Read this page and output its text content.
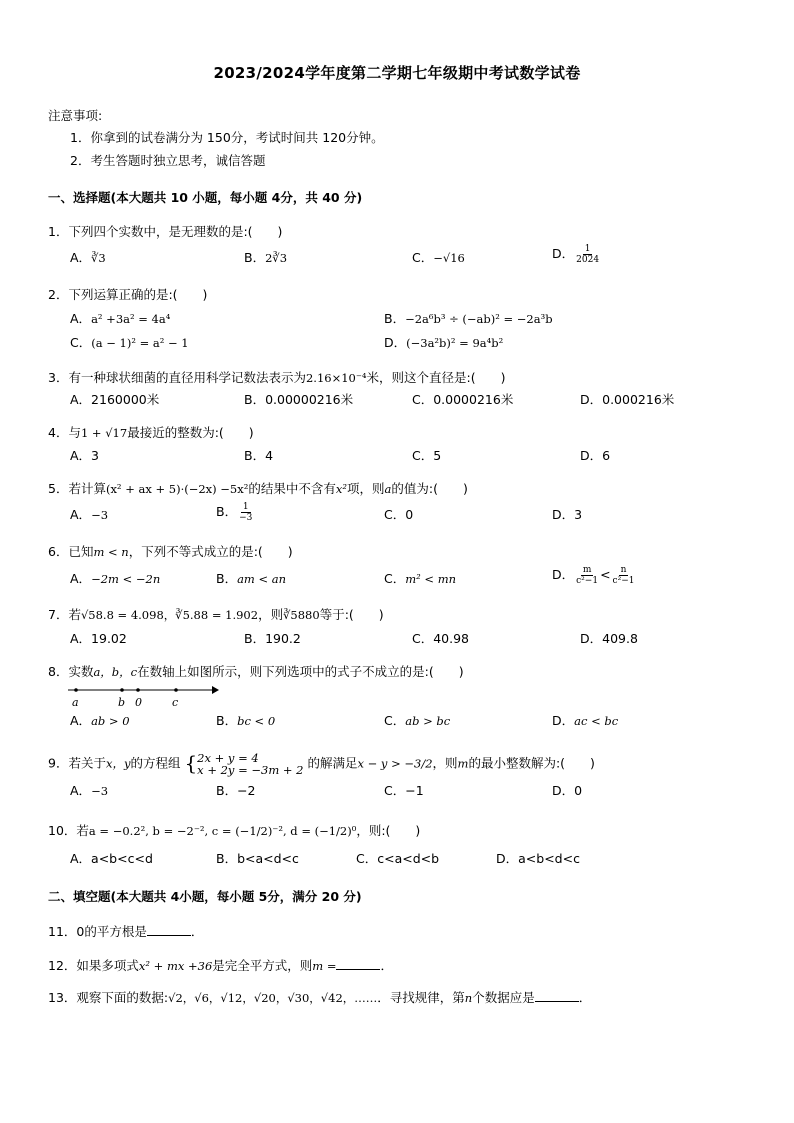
2023/2024学年度第二学期七年级期中考试数学试卷
注意事项:
1．你拿到的试卷满分为 150分，考试时间共 120分钟。
2．考生答题时独立思考，诚信答题
一、选择题(本大题共 10 小题，每小题 4分，共 40 分)
1．下列四个实数中，是无理数的是:(　　)
A．∛3	B．2∛3	C．−√16	D． $\frac{1}{2024}$
2．下列运算正确的是:(　　)
A．a² +3a² = 4a⁴	B．−2a⁶b³ ÷ (−ab)² = −2a³b
C．(a − 1)² = a² − 1	D．(−3a²b)² = 9a⁴b²
3．有一种球状细菌的直径用科学记数法表示为2.16×10⁻⁴米，则这个直径是:(　　)
A．2160000米	B．0.00000216米	C．0.0000216米	D．0.000216米
4．与1 + √17最接近的整数为:(　　)
A．3	B．4	C．5	D．6
5．若计算(x² + ax + 5)·(−2x) −5x²的结果中不含有x²项，则a的值为:(　　)
A．−3	B． $\frac{1}{-3}$	C．0	D．3
6．已知m < n，下列不等式成立的是:(　　)
A．−2m < −2n	B．am < an	C．m² < mn	D． $\frac{m}{\text{c²−1}} < \frac{n}{\text{c²−1}}$
7．若√58.8 = 4.098，∛5.88 = 1.902，则∛5880等于:(　　)
A．19.02	B．190.2	C．40.98	D．409.8
8．实数a，b，c在数轴上如图所示，则下列选项中的式子不成立的是:(　　)
a	b 0	c
A．ab > 0	B．bc < 0	C．ab > bc	D．ac < bc
9．若关于x，y的方程组 { 2x + y = 4
x + 2y = −3m + 2 的解满足x − y > −3/2，则m的最小整数解为:(　　)
A．−3	B．−2	C．−1	D．0
10．若a = −0.2², b = −2⁻², c = (−1/2)⁻², d = (−1/2)⁰，则:(　　)
A．a<b<c<d	B．b<a<d<c	C．c<a<d<b	D．a<b<d<c
二、填空题(本大题共 4小题，每小题 5分，满分 20 分)
11．0的平方根是	．
12．如果多项式x² + mx +36是完全平方式，则m =	．
13．观察下面的数据:√2，√6，√12，√20，√30，√42，……．寻找规律，第n个数据应是	．
